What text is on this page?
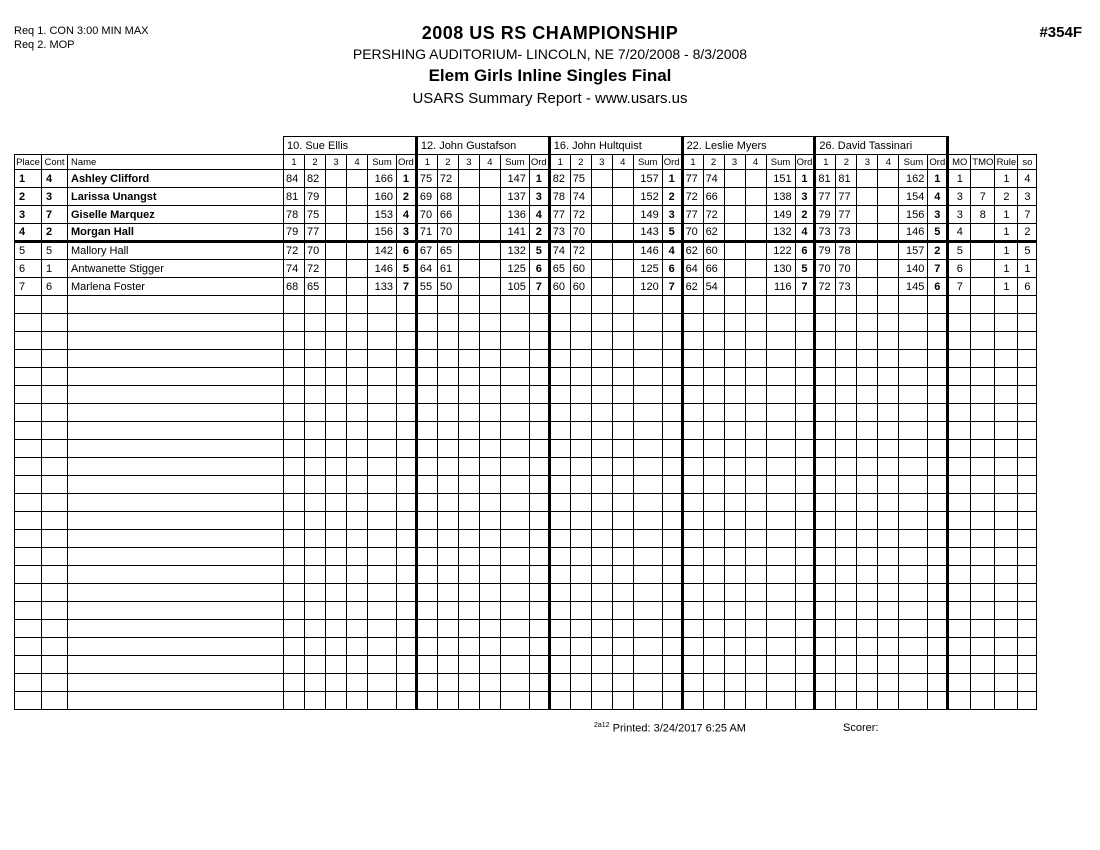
Req 1. CON 3:00 MIN MAX
Req 2. MOP
#354F
2008 US RS CHAMPIONSHIP
PERSHING AUDITORIUM- LINCOLN, NE 7/20/2008 - 8/3/2008
Elem Girls Inline Singles Final
USARS Summary Report - www.usars.us
			10. Sue Ellis						12. John Gustafson						16. John Hultquist						22. Leslie Myers						26. David Tassinari									
Place	Cont	Name	1	2	3	4	Sum	Ord	1	2	3	4	Sum	Ord	1	2	3	4	Sum	Ord	1	2	3	4	Sum	Ord	1	2	3	4	Sum	Ord	MO	TMO	Rule	so
1	4	Ashley Clifford	84	82			166	1	75	72			147	1	82	75			157	1	77	74			151	1	81	81			162	1	1		1	4
2	3	Larissa Unangst	81	79			160	2	69	68			137	3	78	74			152	2	72	66			138	3	77	77			154	4	3	7	2	3
3	7	Giselle Marquez	78	75			153	4	70	66			136	4	77	72			149	3	77	72			149	2	79	77			156	3	3	8	1	7
4	2	Morgan Hall	79	77			156	3	71	70			141	2	73	70			143	5	70	62			132	4	73	73			146	5	4		1	2
5	5	Mallory Hall	72	70			142	6	67	65			132	5	74	72			146	4	62	60			122	6	79	78			157	2	5		1	5
6	1	Antwanette Stigger	74	72			146	5	64	61			125	6	65	60			125	6	64	66			130	5	70	70			140	7	6		1	1
7	6	Marlena Foster	68	65			133	7	55	50			105	7	60	60			120	7	62	54			116	7	72	73			145	6	7		1	6

$^{2a12}$ Printed: 3/24/2017 6:25 AM	Scorer:
